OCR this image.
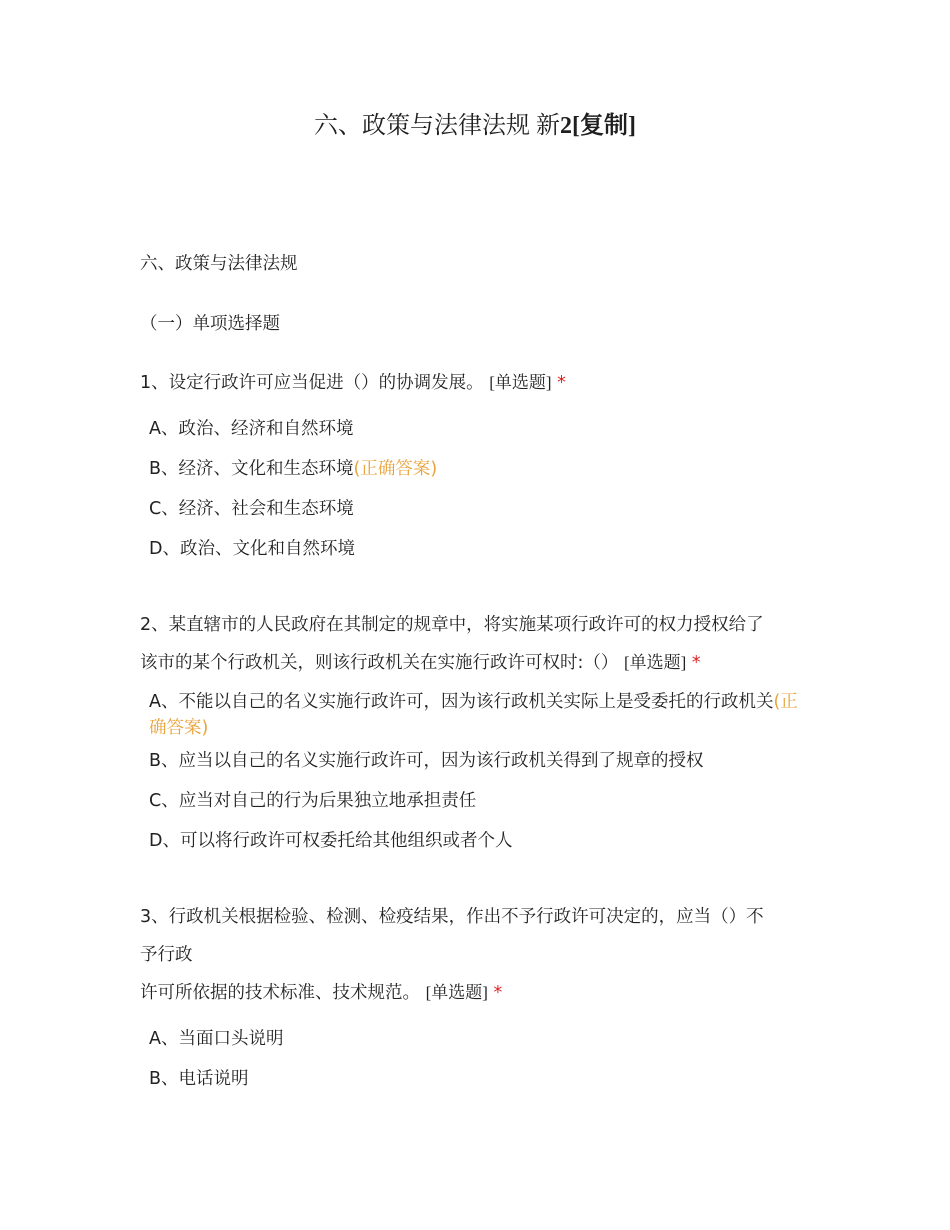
六、政策与法律法规 新2[复制]
六、政策与法律法规
（一）单项选择题
1、设定行政许可应当促进（）的协调发展。 [单选题] *
A、政治、经济和自然环境
B、经济、文化和生态环境(正确答案)
C、经济、社会和生态环境
D、政治、文化和自然环境
2、某直辖市的人民政府在其制定的规章中，将实施某项行政许可的权力授权给了
该市的某个行政机关，则该行政机关在实施行政许可权时:（） [单选题] *
A、不能以自己的名义实施行政许可，因为该行政机关实际上是受委托的行政机关(正确答案)
B、应当以自己的名义实施行政许可，因为该行政机关得到了规章的授权
C、应当对自己的行为后果独立地承担责任
D、可以将行政许可权委托给其他组织或者个人
3、行政机关根据检验、检测、检疫结果，作出不予行政许可决定的，应当（）不
予行政
许可所依据的技术标准、技术规范。 [单选题] *
A、当面口头说明
B、电话说明
